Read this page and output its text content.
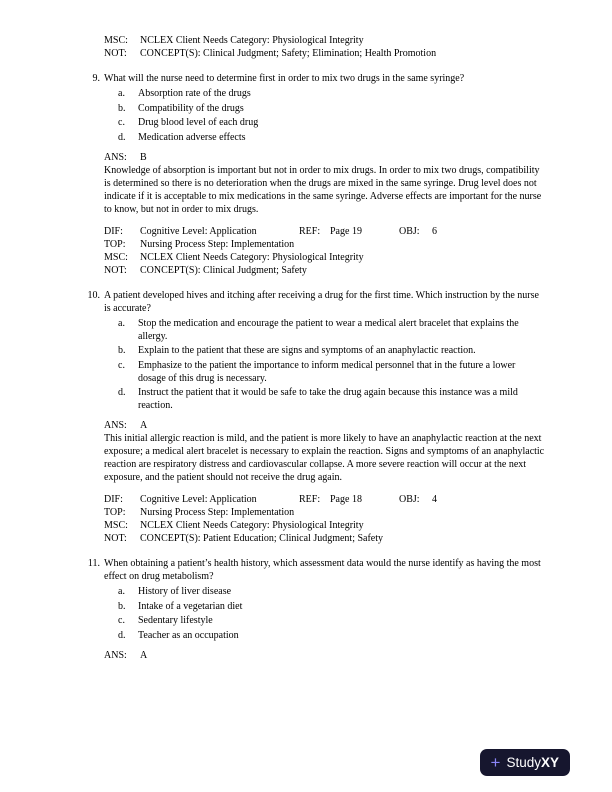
MSC:	NCLEX Client Needs Category: Physiological Integrity
NOT:	CONCEPT(S): Clinical Judgment; Safety; Elimination; Health Promotion
9. What will the nurse need to determine first in order to mix two drugs in the same syringe?
a.	Absorption rate of the drugs
b.	Compatibility of the drugs
c.	Drug blood level of each drug
d.	Medication adverse effects
ANS:	B
Knowledge of absorption is important but not in order to mix drugs. In order to mix two drugs, compatibility is determined so there is no deterioration when the drugs are mixed in the same syringe. Drug level does not indicate if it is acceptable to mix medications in the same syringe. Adverse effects are important for the nurse to know, but not in order to mix drugs.
DIF:	Cognitive Level: Application	REF: Page 19	OBJ:	6
TOP:	Nursing Process Step: Implementation
MSC:	NCLEX Client Needs Category: Physiological Integrity
NOT:	CONCEPT(S): Clinical Judgment; Safety
10. A patient developed hives and itching after receiving a drug for the first time. Which instruction by the nurse is accurate?
a.	Stop the medication and encourage the patient to wear a medical alert bracelet that explains the allergy.
b.	Explain to the patient that these are signs and symptoms of an anaphylactic reaction.
c.	Emphasize to the patient the importance to inform medical personnel that in the future a lower dosage of this drug is necessary.
d.	Instruct the patient that it would be safe to take the drug again because this instance was a mild reaction.
ANS:	A
This initial allergic reaction is mild, and the patient is more likely to have an anaphylactic reaction at the next exposure; a medical alert bracelet is necessary to explain the reaction. Signs and symptoms of an anaphylactic reaction are respiratory distress and cardiovascular collapse. A more severe reaction will occur at the next exposure, and the patient should not receive the drug again.
DIF:	Cognitive Level: Application	REF: Page 18	OBJ:	4
TOP:	Nursing Process Step: Implementation
MSC:	NCLEX Client Needs Category: Physiological Integrity
NOT:	CONCEPT(S): Patient Education; Clinical Judgment; Safety
11. When obtaining a patient’s health history, which assessment data would the nurse identify as having the most effect on drug metabolism?
a.	History of liver disease
b.	Intake of a vegetarian diet
c.	Sedentary lifestyle
d.	Teacher as an occupation
ANS:	A
+ Study XY
